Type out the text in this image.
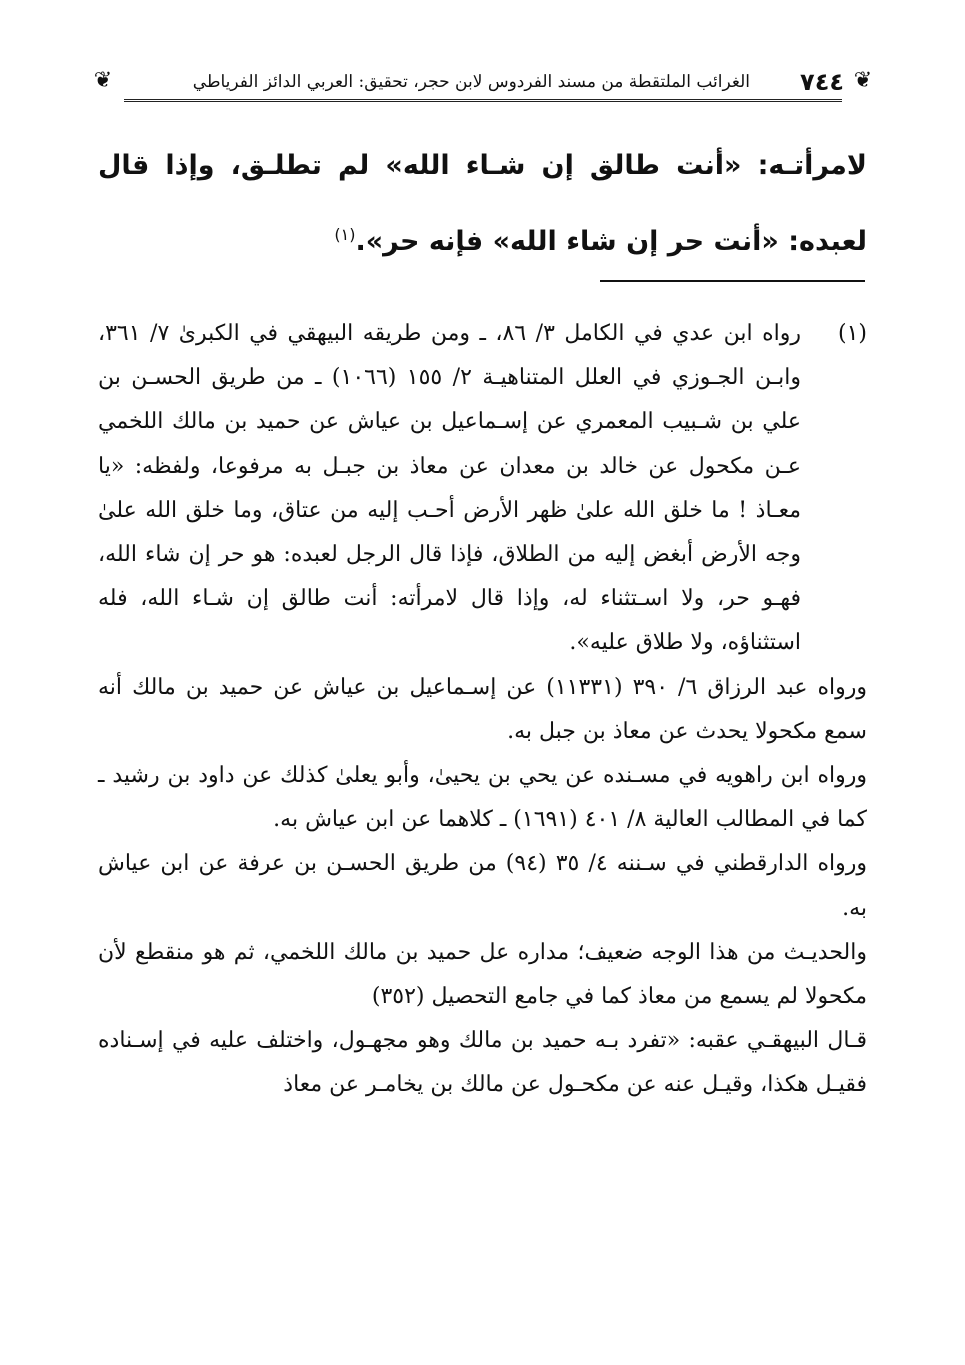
❦
٧٤٤
الغرائب الملتقطة من مسند الفردوس لابن حجر، تحقيق: العربي الدائز الفرياطي
❦

لامرأتـه: «أنت طالق إن شـاء الله» لم تطلـق، وإذا قال لعبده: «أنت حر إن شاء الله» فإنه حر».$^{(١)}$

(١)
رواه ابن عدي في الكامل ٣/ ٨٦، ـ ومن طريقه البيهقي في الكبرىٰ ٧/ ٣٦١، وابـن الجـوزي في العلل المتناهيـة ٢/ ١٥٥ (١٠٦٦) ـ من طريق الحسـن بن علي بن شـبيب المعمري عن إسـماعيل بن عياش عن حميد بن مالك اللخمي عـن مكحول عن خالد بن معدان عن معاذ بن جبـل به مرفوعا، ولفظه: «يا معـاذ ! ما خلق الله علىٰ ظهر الأرض أحـب إليه من عتاق، وما خلق الله علىٰ وجه الأرض أبغض إليه من الطلاق، فإذا قال الرجل لعبده: هو حر إن شاء الله، فهـو حر، ولا اسـتثناء له، وإذا قال لامرأته: أنت طالق إن شـاء الله، فله استثناؤه، ولا طلاق عليه».

ورواه عبد الرزاق ٦/ ٣٩٠ (١١٣٣١) عن إسـماعيل بن عياش عن حميد بن مالك أنه سمع مكحولا يحدث عن معاذ بن جبل به.

ورواه ابن راهويه في مسـنده عن يحي بن يحيىٰ، وأبو يعلىٰ كذلك عن داود بن رشيد ـ كما في المطالب العالية ٨/ ٤٠١ (١٦٩١) ـ كلاهما عن ابن عياش به.

ورواه الدارقطني في سـننه ٤/ ٣٥ (٩٤) من طريق الحسـن بن عرفة عن ابن عياش به.

والحديـث من هذا الوجه ضعيف؛ مداره عل حميد بن مالك اللخمي، ثم هو منقطع لأن مكحولا لم يسمع من معاذ كما في جامع التحصيل (٣٥٢)

قـال البيهقـي عقبه: «تفرد بـه حميد بن مالك وهو مجهـول، واختلف عليه في إسـناده فقيـل هكذا، وقيـل عنه عن مكحـول عن مالك بن يخامـر عن معاذ
